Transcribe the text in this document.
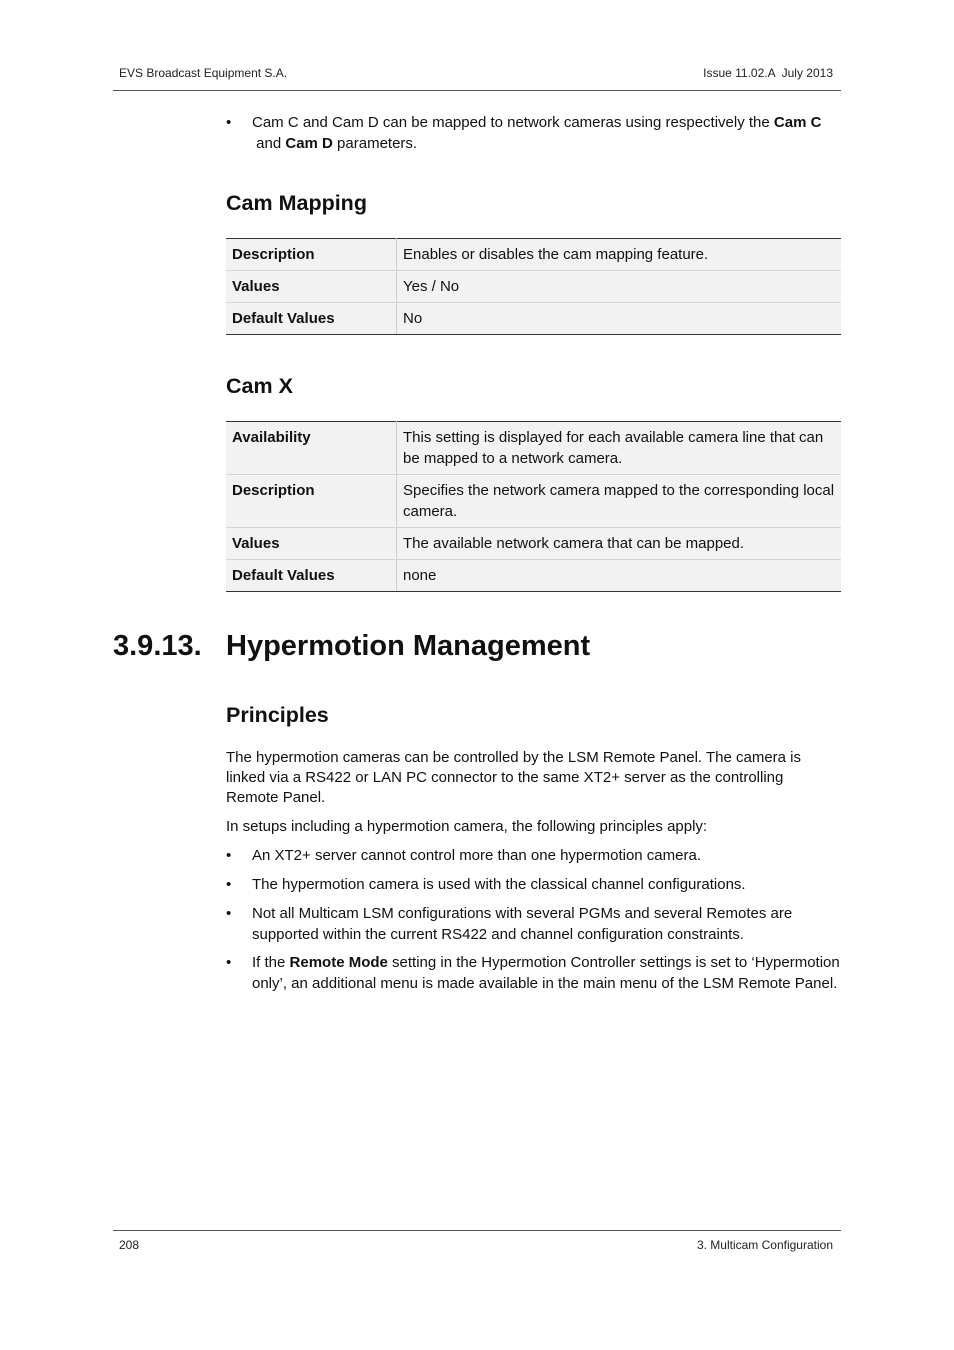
EVS Broadcast Equipment S.A.	Issue 11.02.A  July 2013
• Cam C and Cam D can be mapped to network cameras using respectively the Cam C
and Cam D parameters.
Cam Mapping
Description	Enables or disables the cam mapping feature.
Values	Yes / No
Default Values	No
Cam X
Availability	This setting is displayed for each available camera line that can be mapped to a network camera.
Description	Specifies the network camera mapped to the corresponding local camera.
Values	The available network camera that can be mapped.
Default Values	none
3.9.13. Hypermotion Management
Principles
The hypermotion cameras can be controlled by the LSM Remote Panel. The camera is linked via a RS422 or LAN PC connector to the same XT2+ server as the controlling Remote Panel.
In setups including a hypermotion camera, the following principles apply:
• An XT2+ server cannot control more than one hypermotion camera.
• The hypermotion camera is used with the classical channel configurations.
• Not all Multicam LSM configurations with several PGMs and several Remotes are supported within the current RS422 and channel configuration constraints.
• If the Remote Mode setting in the Hypermotion Controller settings is set to ‘Hypermotion only’, an additional menu is made available in the main menu of the LSM Remote Panel.
208	3. Multicam Configuration
